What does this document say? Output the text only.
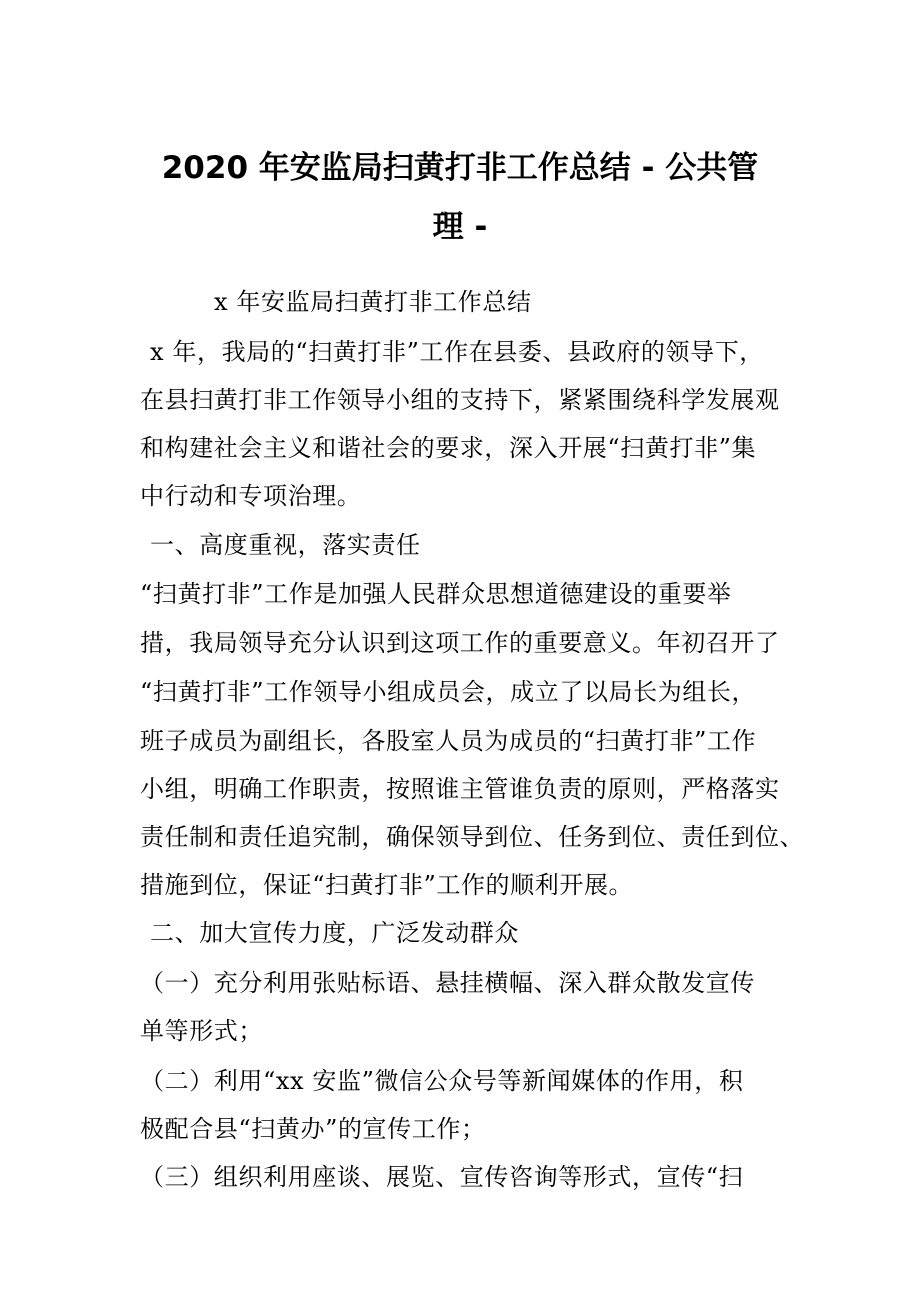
2020 年安监局扫黄打非工作总结 - 公共管
理 -
x 年安监局扫黄打非工作总结
x 年，我局的“扫黄打非”工作在县委、县政府的领导下，
在县扫黄打非工作领导小组的支持下，紧紧围绕科学发展观
和构建社会主义和谐社会的要求，深入开展“扫黄打非”集
中行动和专项治理。
一、高度重视，落实责任
“扫黄打非”工作是加强人民群众思想道德建设的重要举
措，我局领导充分认识到这项工作的重要意义。年初召开了
“扫黄打非”工作领导小组成员会，成立了以局长为组长，
班子成员为副组长，各股室人员为成员的“扫黄打非”工作
小组，明确工作职责，按照谁主管谁负责的原则，严格落实
责任制和责任追究制，确保领导到位、任务到位、责任到位、
措施到位，保证“扫黄打非”工作的顺利开展。
二、加大宣传力度，广泛发动群众
（一）充分利用张贴标语、悬挂横幅、深入群众散发宣传
单等形式；
（二）利用“xx 安监”微信公众号等新闻媒体的作用，积
极配合县“扫黄办”的宣传工作；
（三）组织利用座谈、展览、宣传咨询等形式，宣传“扫
